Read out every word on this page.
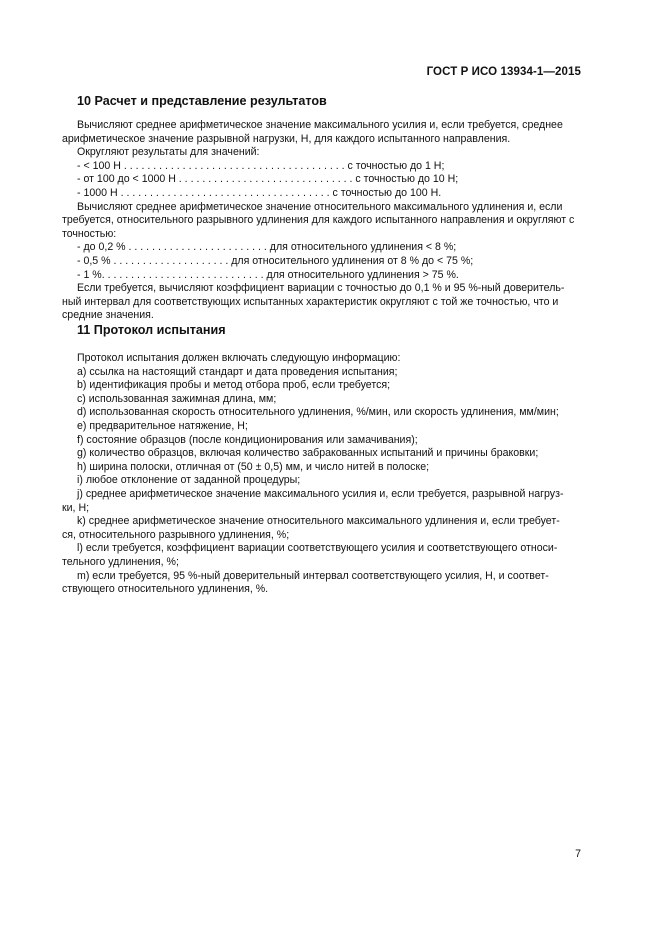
ГОСТ Р ИСО 13934-1—2015
10 Расчет и представление результатов

Вычисляют среднее арифметическое значение максимального усилия и, если требуется, среднее

арифметическое значение разрывной нагрузки, Н, для каждого испытанного направления.

Округляют результаты для значений:

- < 100 Н . . . . . . . . . . . . . . . . . . . . . . . . . . . . . . . . . . . . . . с точностью до 1 Н;

- от 100 до < 1000 Н . . . . . . . . . . . . . . . . . . . . . . . . . . . . . . с точностью до 10 Н;

- 1000 Н . . . . . . . . . . . . . . . . . . . . . . . . . . . . . . . . . . . . с точностью до 100 Н.

Вычисляют среднее арифметическое значение относительного максимального удлинения и, если

требуется, относительного разрывного удлинения для каждого испытанного направления и округляют с

точностью:

- до 0,2 % . . . . . . . . . . . . . . . . . . . . . . . . для относительного удлинения < 8 %;

- 0,5 % . . . . . . . . . . . . . . . . . . . . для относительного удлинения от 8 % до < 75 %;

- 1 %. . . . . . . . . . . . . . . . . . . . . . . . . . . . для относительного удлинения > 75 %.

Если требуется, вычисляют коэффициент вариации с точностью до 0,1 % и 95 %-ный доверитель-

ный интервал для соответствующих испытанных характеристик округляют с той же точностью, что и

средние значения.

11 Протокол испытания

Протокол испытания должен включать следующую информацию:

а) ссылка на настоящий стандарт и дата проведения испытания;

b) идентификация пробы и метод отбора проб, если требуется;

c) использованная зажимная длина, мм;

d) использованная скорость относительного удлинения, %/мин, или скорость удлинения, мм/мин;

e) предварительное натяжение, Н;

f) состояние образцов (после кондиционирования или замачивания);

g) количество образцов, включая количество забракованных испытаний и причины браковки;

h) ширина полоски, отличная от (50 ± 0,5) мм, и число нитей в полоске;

i) любое отклонение от заданной процедуры;

j) среднее арифметическое значение максимального усилия и, если требуется, разрывной нагруз-

ки, Н;

k) среднее арифметическое значение относительного максимального удлинения и, если требует-

ся, относительного разрывного удлинения, %;

l) если требуется, коэффициент вариации соответствующего усилия и соответствующего относи-

тельного удлинения, %;

m) если требуется, 95 %-ный доверительный интервал соответствующего усилия, Н, и соответ-

ствующего относительного удлинения, %.

7
